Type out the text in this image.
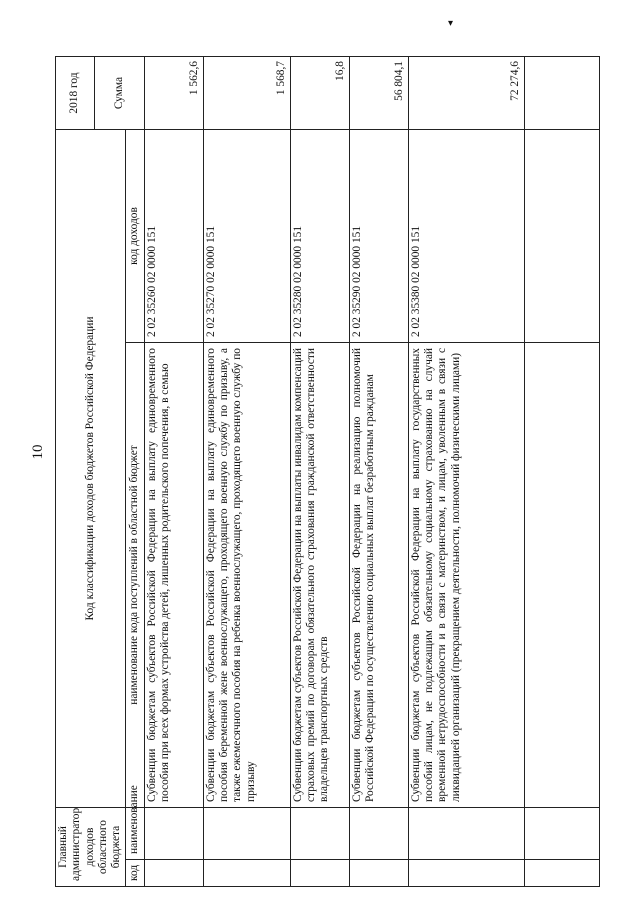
10
▾
Главный администратор доходов областного бюджета		Код классификации доходов бюджетов Российской Федерации		2018 год
				Сумма
код	наименование	наименование кода поступлений в областной бюджет	код доходов	
		Субвенции бюджетам субъектов Российской Федерации на выплату единовременного пособия при всех формах устройства детей, лишенных родительского попечения, в семью	2 02 35260 02 0000 151	1 562,6
		Субвенции бюджетам субъектов Российской Федерации на выплату единовременного пособия беременной жене военнослужащего, проходящего военную службу по призыву, а также ежемесячного пособия на ребенка военнослужащего, проходящего военную службу по призыву	2 02 35270 02 0000 151	1 568,7
		Субвенции бюджетам субъектов Российской Федерации на выплаты инвалидам компенсаций страховых премий по договорам обязательного страхования гражданской ответственности владельцев транспортных средств	2 02 35280 02 0000 151	16,8
		Субвенции бюджетам субъектов Российской Федерации на реализацию полномочий Российской Федерации по осуществлению социальных выплат безработным гражданам	2 02 35290 02 0000 151	56 804,1
		Субвенции бюджетам субъектов Российской Федерации на выплату государственных пособий лицам, не подлежащим обязательному социальному страхованию на случай временной нетрудоспособности и в связи с материнством, и лицам, уволенным в связи с ликвидацией организаций (прекращением деятельности, полномочий физическими лицами)	2 02 35380 02 0000 151	72 274,6
